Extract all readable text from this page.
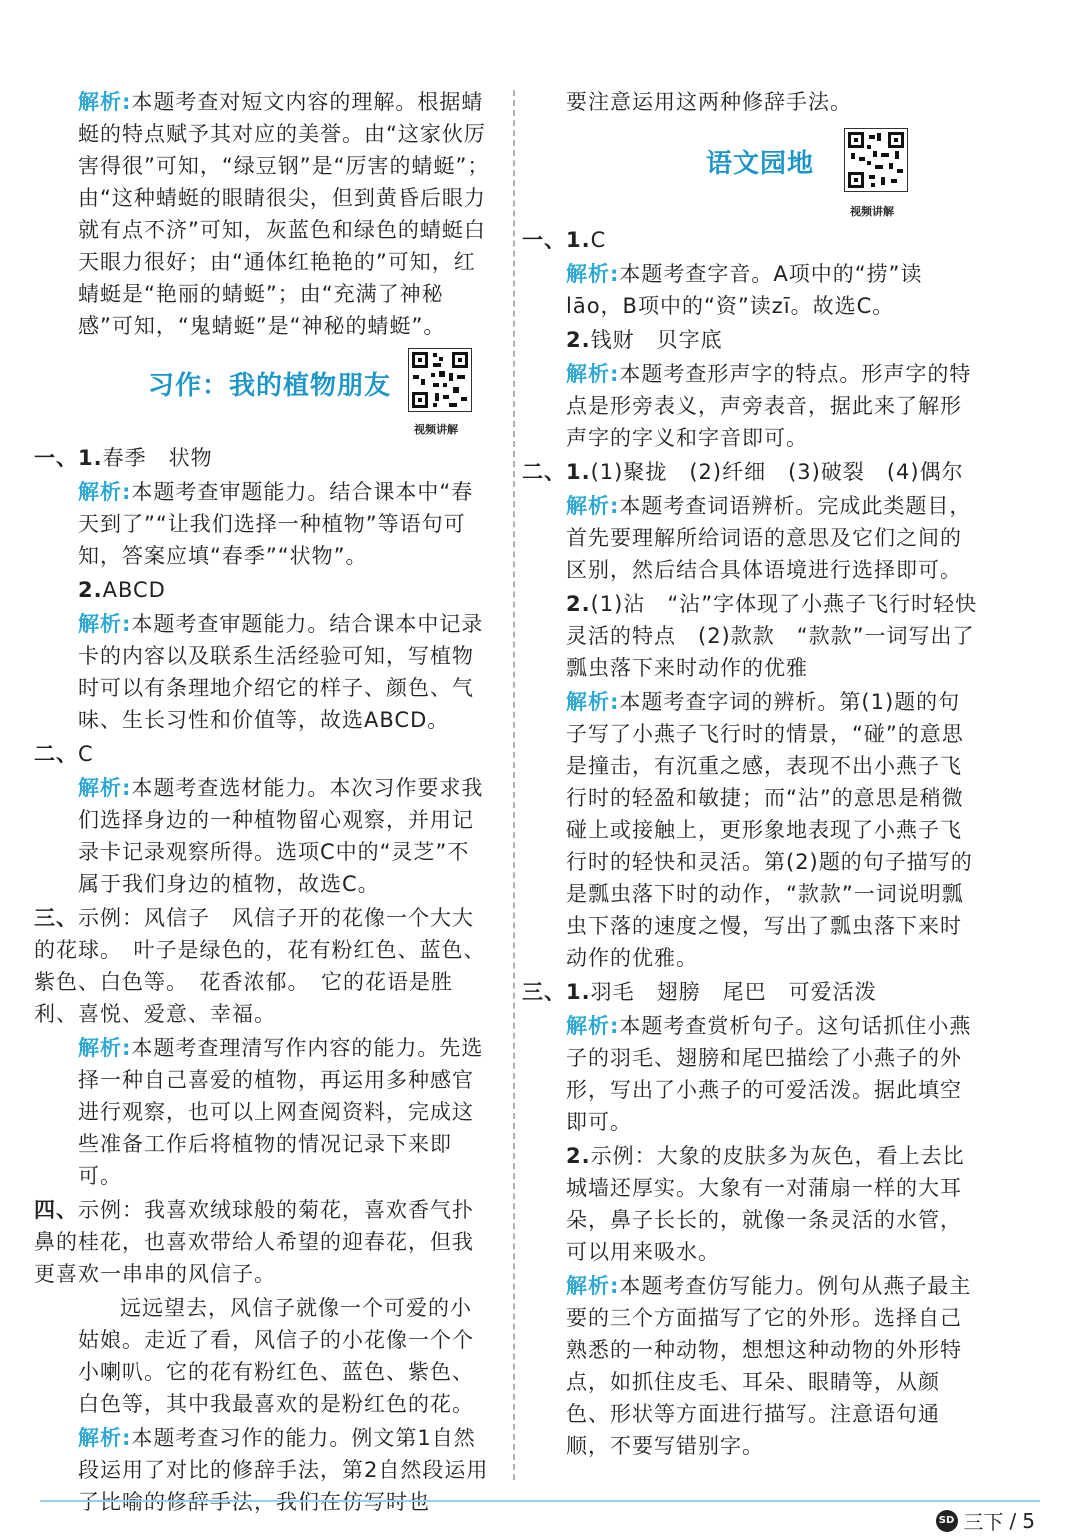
解析:本题考查对短文内容的理解。根据蜻蜓的特点赋予其对应的美誉。由“这家伙厉害得很”可知，“绿豆钢”是“厉害的蜻蜓”；由“这种蜻蜓的眼睛很尖，但到黄昏后眼力就有点不济”可知，灰蓝色和绿色的蜻蜓白天眼力很好；由“通体红艳艳的”可知，红蜻蜓是“艳丽的蜻蜓”；由“充满了神秘感”可知，“鬼蜻蜓”是“神秘的蜻蜓”。

习作：我的植物朋友
视频讲解

一、1.春季　状物

解析:本题考查审题能力。结合课本中“春天到了”“让我们选择一种植物”等语句可知，答案应填“春季”“状物”。

2.ABCD

解析:本题考查审题能力。结合课本中记录卡的内容以及联系生活经验可知，写植物时可以有条理地介绍它的样子、颜色、气味、生长习性和价值等，故选ABCD。

二、C

解析:本题考查选材能力。本次习作要求我们选择身边的一种植物留心观察，并用记录卡记录观察所得。选项C中的“灵芝”不属于我们身边的植物，故选C。

三、示例：风信子　风信子开的花像一个大大的花球。　叶子是绿色的，花有粉红色、蓝色、紫色、白色等。　花香浓郁。　它的花语是胜利、喜悦、爱意、幸福。

解析:本题考查理清写作内容的能力。先选择一种自己喜爱的植物，再运用多种感官进行观察，也可以上网查阅资料，完成这些准备工作后将植物的情况记录下来即可。

四、示例：我喜欢绒球般的菊花，喜欢香气扑鼻的桂花，也喜欢带给人希望的迎春花，但我更喜欢一串串的风信子。

远远望去，风信子就像一个可爱的小姑娘。走近了看，风信子的小花像一个个小喇叭。它的花有粉红色、蓝色、紫色、白色等，其中我最喜欢的是粉红色的花。

解析:本题考查习作的能力。例文第1自然段运用了对比的修辞手法，第2自然段运用了比喻的修辞手法，我们在仿写时也

要注意运用这两种修辞手法。

语文园地
视频讲解

一、1.C

解析:本题考查字音。A项中的“捞”读lāo，B项中的“资”读zī。故选C。

2.钱财　贝字底

解析:本题考查形声字的特点。形声字的特点是形旁表义，声旁表音，据此来了解形声字的字义和字音即可。

二、1.(1)聚拢　(2)纤细　(3)破裂　(4)偶尔

解析:本题考查词语辨析。完成此类题目，首先要理解所给词语的意思及它们之间的区别，然后结合具体语境进行选择即可。

2.(1)沾　“沾”字体现了小燕子飞行时轻快灵活的特点　(2)款款　“款款”一词写出了瓢虫落下来时动作的优雅

解析:本题考查字词的辨析。第(1)题的句子写了小燕子飞行时的情景，“碰”的意思是撞击，有沉重之感，表现不出小燕子飞行时的轻盈和敏捷；而“沾”的意思是稍微碰上或接触上，更形象地表现了小燕子飞行时的轻快和灵活。第(2)题的句子描写的是瓢虫落下时的动作，“款款”一词说明瓢虫下落的速度之慢，写出了瓢虫落下来时动作的优雅。

三、1.羽毛　翅膀　尾巴　可爱活泼

解析:本题考查赏析句子。这句话抓住小燕子的羽毛、翅膀和尾巴描绘了小燕子的外形，写出了小燕子的可爱活泼。据此填空即可。

2.示例：大象的皮肤多为灰色，看上去比城墙还厚实。大象有一对蒲扇一样的大耳朵，鼻子长长的，就像一条灵活的水管，可以用来吸水。

解析:本题考查仿写能力。例句从燕子最主要的三个方面描写了它的外形。选择自己熟悉的一种动物，想想这种动物的外形特点，如抓住皮毛、耳朵、眼睛等，从颜色、形状等方面进行描写。注意语句通顺，不要写错别字。

SD 三下 / 5
